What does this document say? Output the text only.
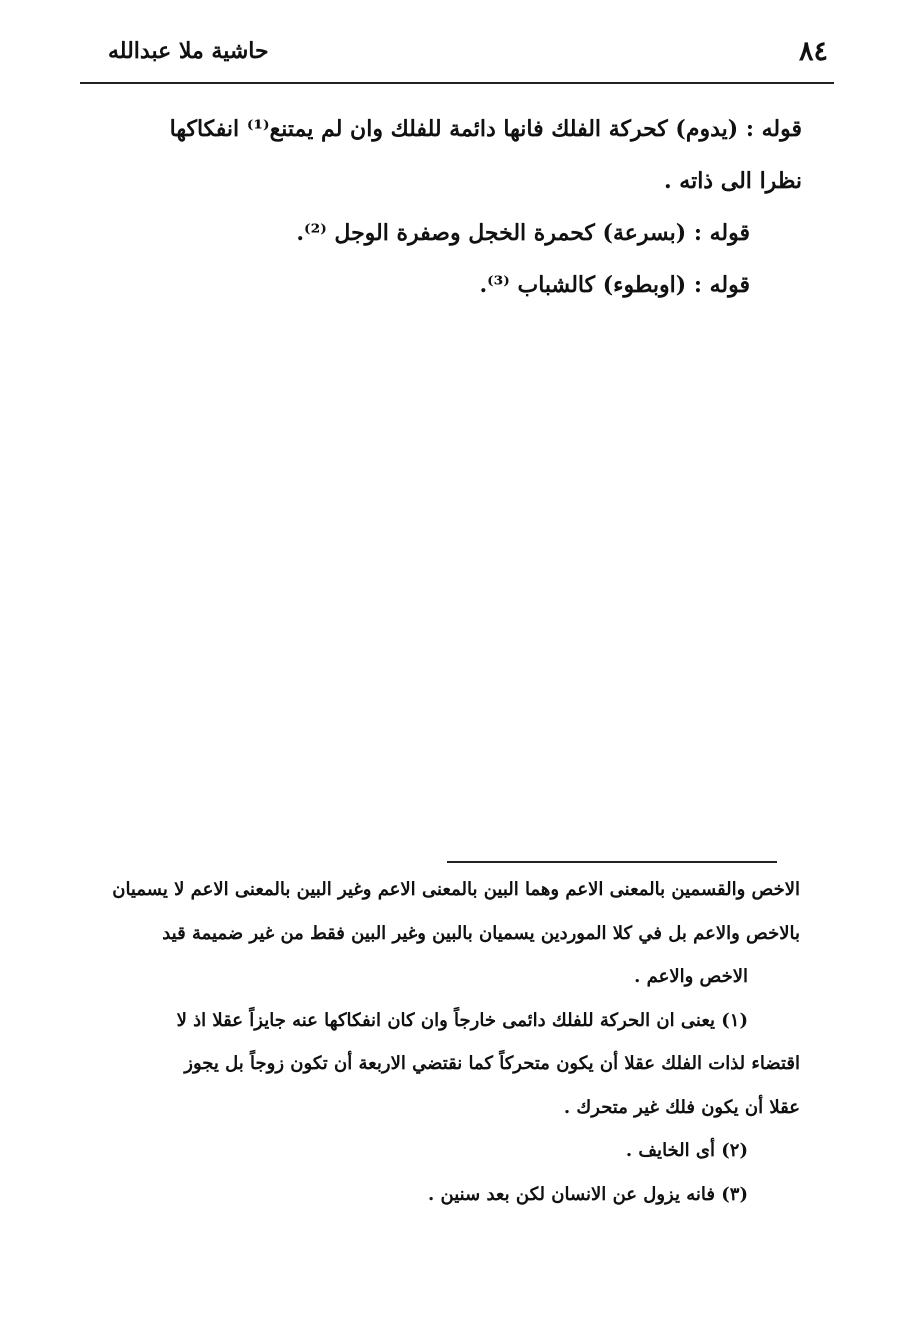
٨٤
حاشية ملا عبدالله
قوله : (يدوم) كحركة الفلك فانها دائمة للفلك وان لم يمتنع⁽¹⁾ انفكاكها
نظرا الى ذاته .
قوله : (بسرعة) كحمرة الخجل وصفرة الوجل ⁽²⁾.
قوله : (اوبطوء) كالشباب ⁽³⁾.
الاخص والقسمين بالمعنى الاعم وهما البين بالمعنى الاعم وغير البين بالمعنى الاعم لا يسميان
بالاخص والاعم بل في كلا الموردين يسميان بالبين وغير البين فقط من غير ضميمة قيد
الاخص والاعم .
(١) يعنى ان الحركة للفلك دائمى خارجاً وان كان انفكاكها عنه جايزاً عقلا اذ لا
اقتضاء لذات الفلك عقلا أن يكون متحركاً كما نقتضي الاربعة أن تكون زوجاً بل يجوز
عقلا أن يكون فلك غير متحرك .
(٢) أى الخايف .
(٣) فانه يزول عن الانسان لكن بعد سنين .
